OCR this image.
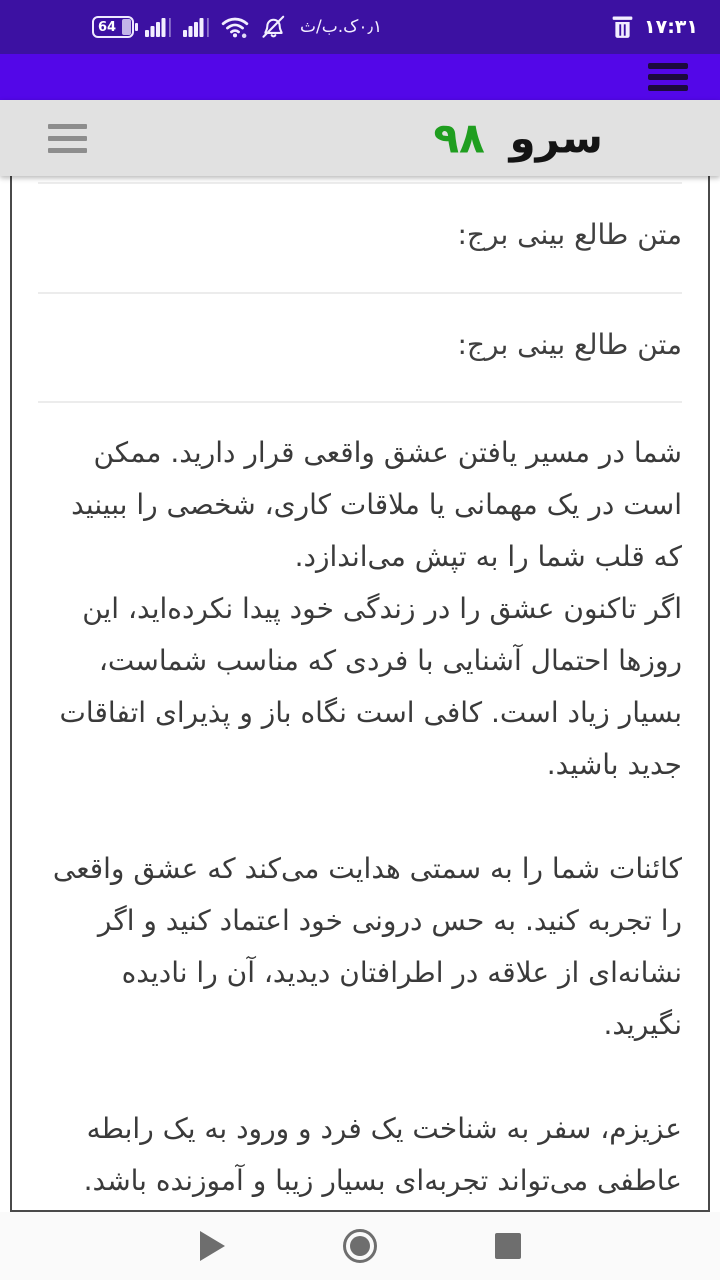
64	۰٫۱ک.ب/ث	۱۷:۳۱
سرو ۹۸
متن طالع بینی برج:
متن طالع بینی برج:

شما در مسیر یافتن عشق واقعی قرار دارید. ممکن است در یک مهمانی یا ملاقات کاری، شخصی را ببینید که قلب شما را به تپش می‌اندازد.

اگر تاکنون عشق را در زندگی خود پیدا نکرده‌اید، این روزها احتمال آشنایی با فردی که مناسب شماست، بسیار زیاد است. کافی است نگاه باز و پذیرای اتفاقات جدید باشید.

کائنات شما را به سمتی هدایت می‌کند که عشق واقعی را تجربه کنید. به حس درونی خود اعتماد کنید و اگر نشانه‌ای از علاقه در اطرافتان دیدید، آن را نادیده نگیرید.

عزیزم، سفر به شناخت یک فرد و ورود به یک رابطه عاطفی می‌تواند تجربه‌ای بسیار زیبا و آموزنده باشد.
